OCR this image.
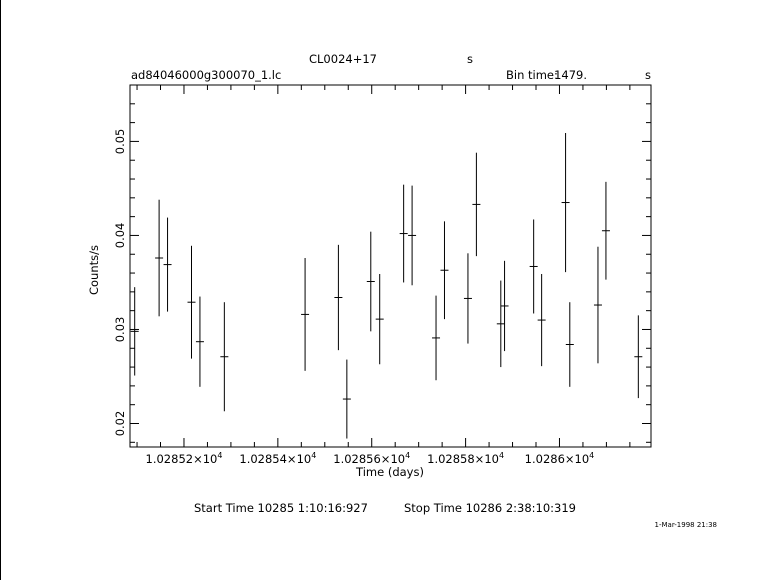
CL0024+17	s
ad84046000g300070_1.lc	Bin time:
1479.	s
$1.02852\times 10^4$ $1.02854\times 10^4$ $1.02856\times 10^4$ $1.02858\times 10^4$ $1.0286\times 10^4$
0.02
0.03
0.04
0.05
Time (days)
Counts/s
Start Time 10285 1:10:16:927	Stop Time 10286 2:38:10:319
1-Mar-1998 21:38
